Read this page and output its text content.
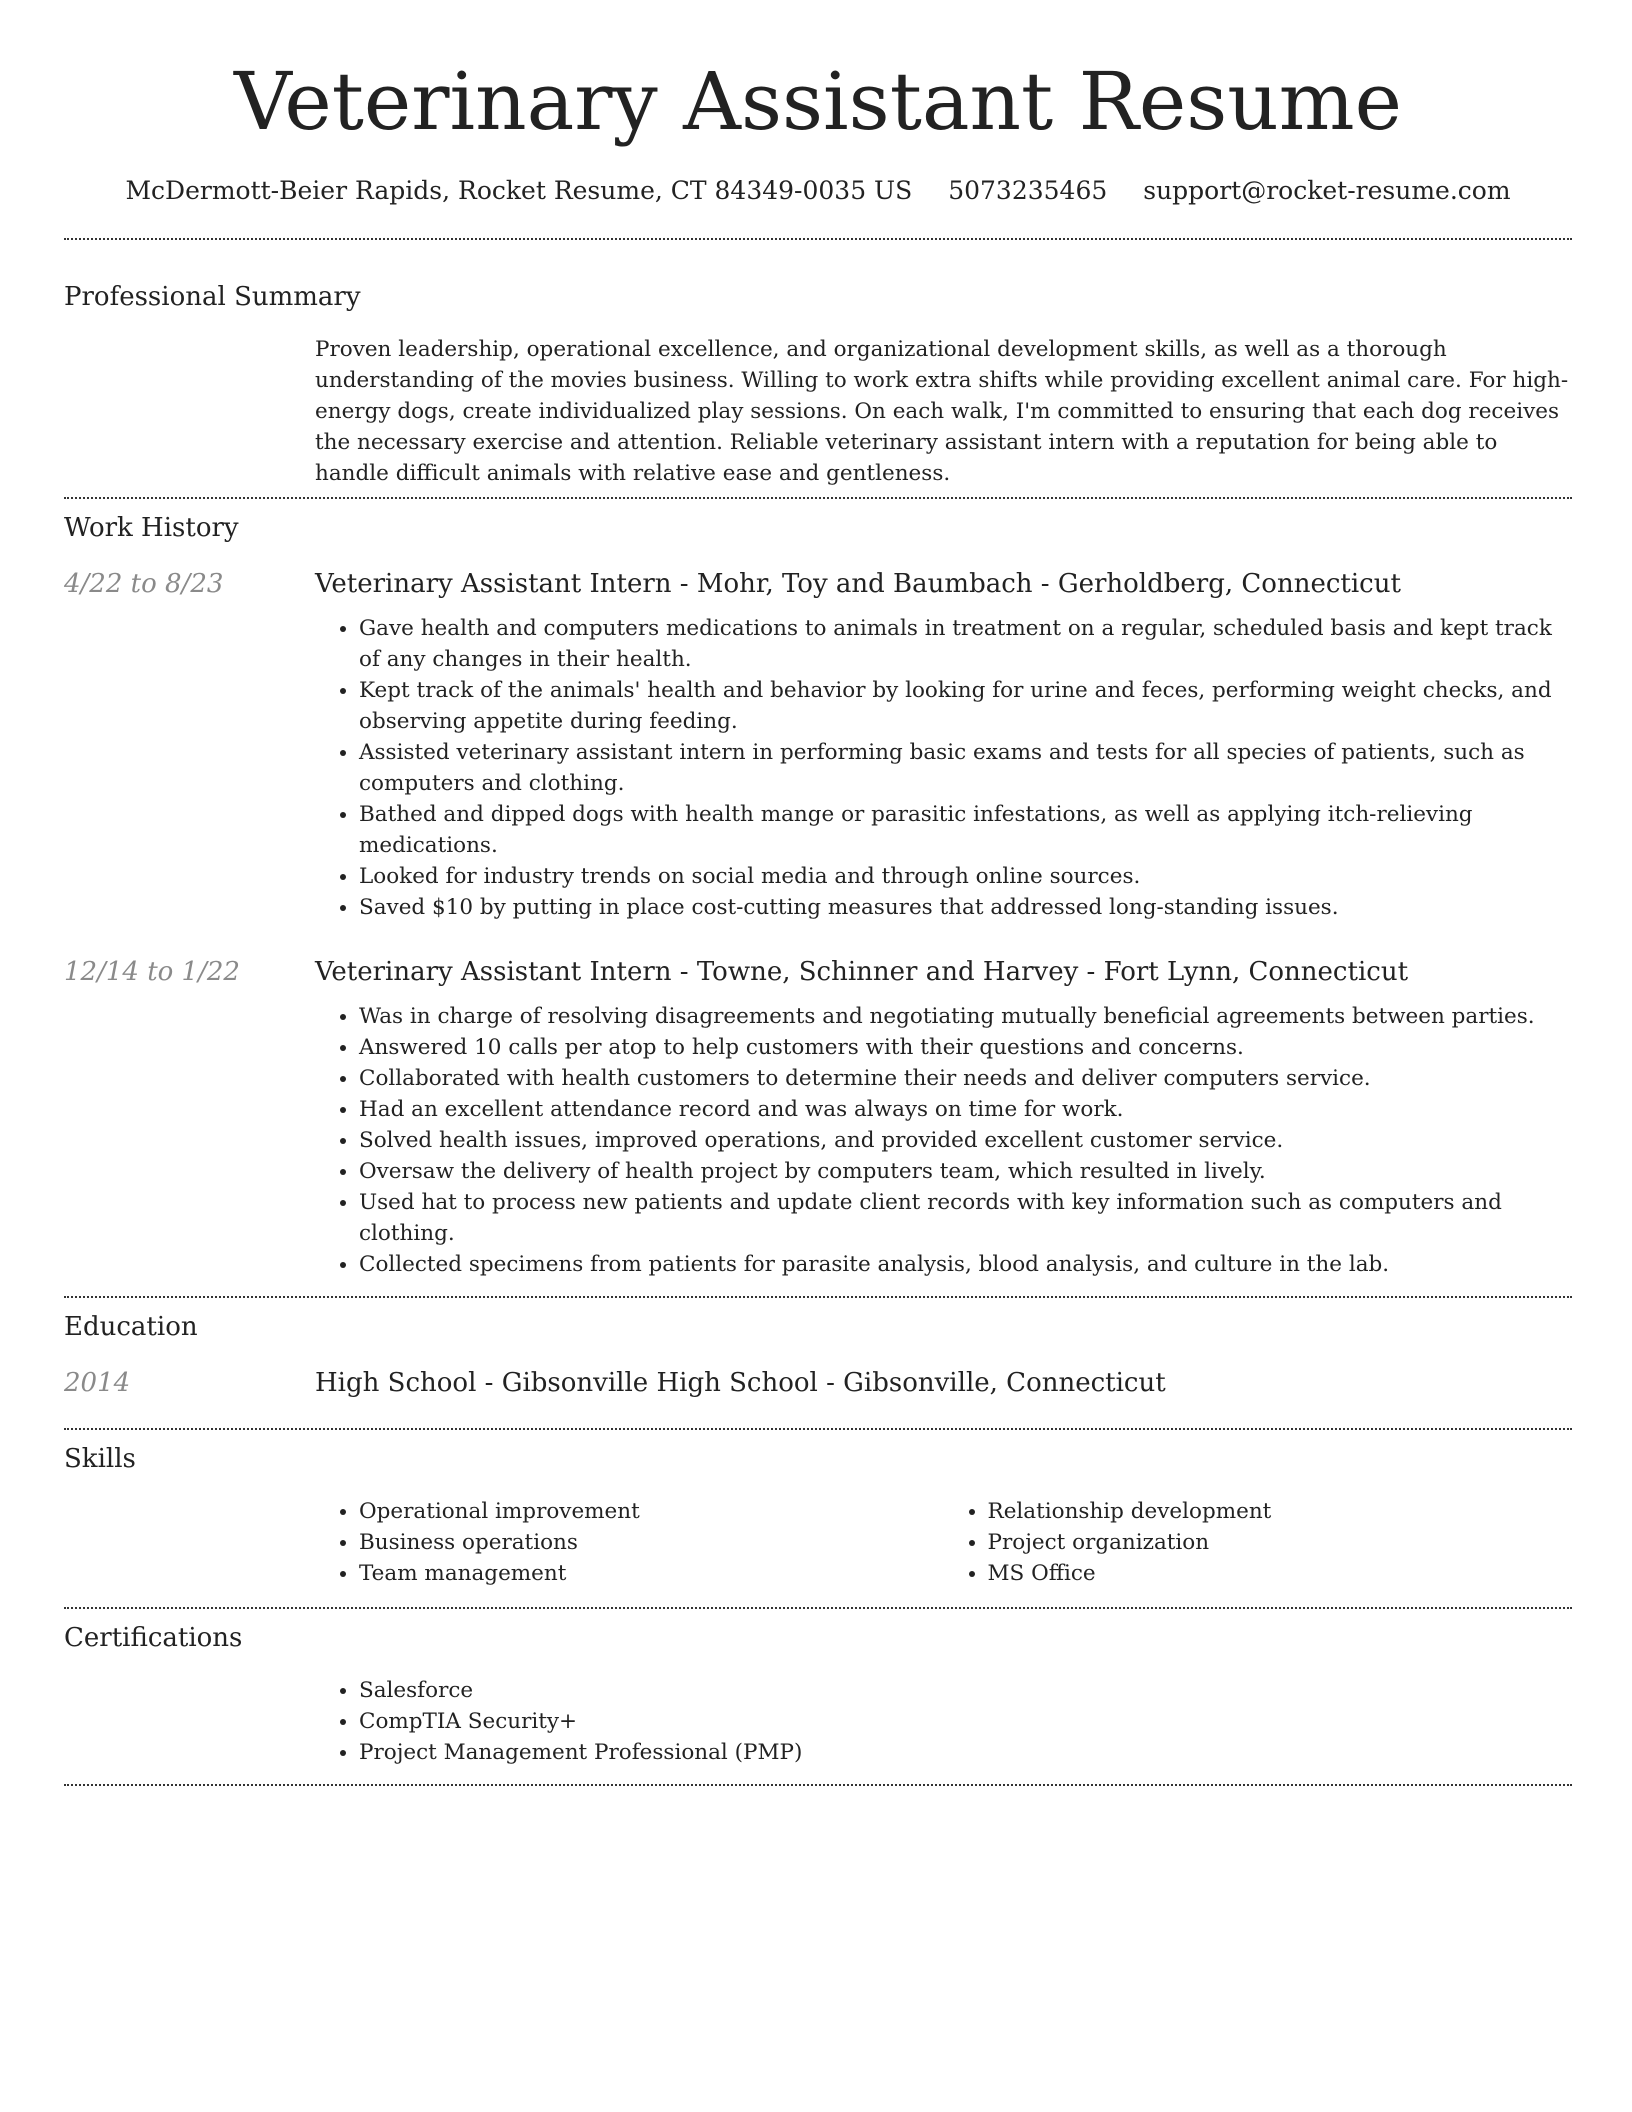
Veterinary Assistant Resume
McDermott-Beier Rapids, Rocket Resume, CT 84349-0035 US 5073235465 support@rocket-resume.com
Professional Summary

Proven leadership, operational excellence, and organizational development skills, as well as a thorough understanding of the movies business. Willing to work extra shifts while providing excellent animal care. For high-energy dogs, create individualized play sessions. On each walk, I'm committed to ensuring that each dog receives the necessary exercise and attention. Reliable veterinary assistant intern with a reputation for being able to handle difficult animals with relative ease and gentleness.

Work History
4/22 to 8/23	Veterinary Assistant Intern - Mohr, Toy and Baumbach - Gerholdberg, Connecticut
• Gave health and computers medications to animals in treatment on a regular, scheduled basis and kept track of any changes in their health.
• Kept track of the animals' health and behavior by looking for urine and feces, performing weight checks, and observing appetite during feeding.
• Assisted veterinary assistant intern in performing basic exams and tests for all species of patients, such as computers and clothing.
• Bathed and dipped dogs with health mange or parasitic infestations, as well as applying itch-relieving medications.
• Looked for industry trends on social media and through online sources.
• Saved $10 by putting in place cost-cutting measures that addressed long-standing issues.
12/14 to 1/22	Veterinary Assistant Intern - Towne, Schinner and Harvey - Fort Lynn, Connecticut
• Was in charge of resolving disagreements and negotiating mutually beneficial agreements between parties.
• Answered 10 calls per atop to help customers with their questions and concerns.
• Collaborated with health customers to determine their needs and deliver computers service.
• Had an excellent attendance record and was always on time for work.
• Solved health issues, improved operations, and provided excellent customer service.
• Oversaw the delivery of health project by computers team, which resulted in lively.
• Used hat to process new patients and update client records with key information such as computers and clothing.
• Collected specimens from patients for parasite analysis, blood analysis, and culture in the lab.
Education
2014	High School - Gibsonville High School - Gibsonville, Connecticut
Skills
• Operational improvement
• Business operations
• Team management
• Relationship development
• Project organization
• MS Office
Certifications
• Salesforce
• CompTIA Security+
• Project Management Professional (PMP)
